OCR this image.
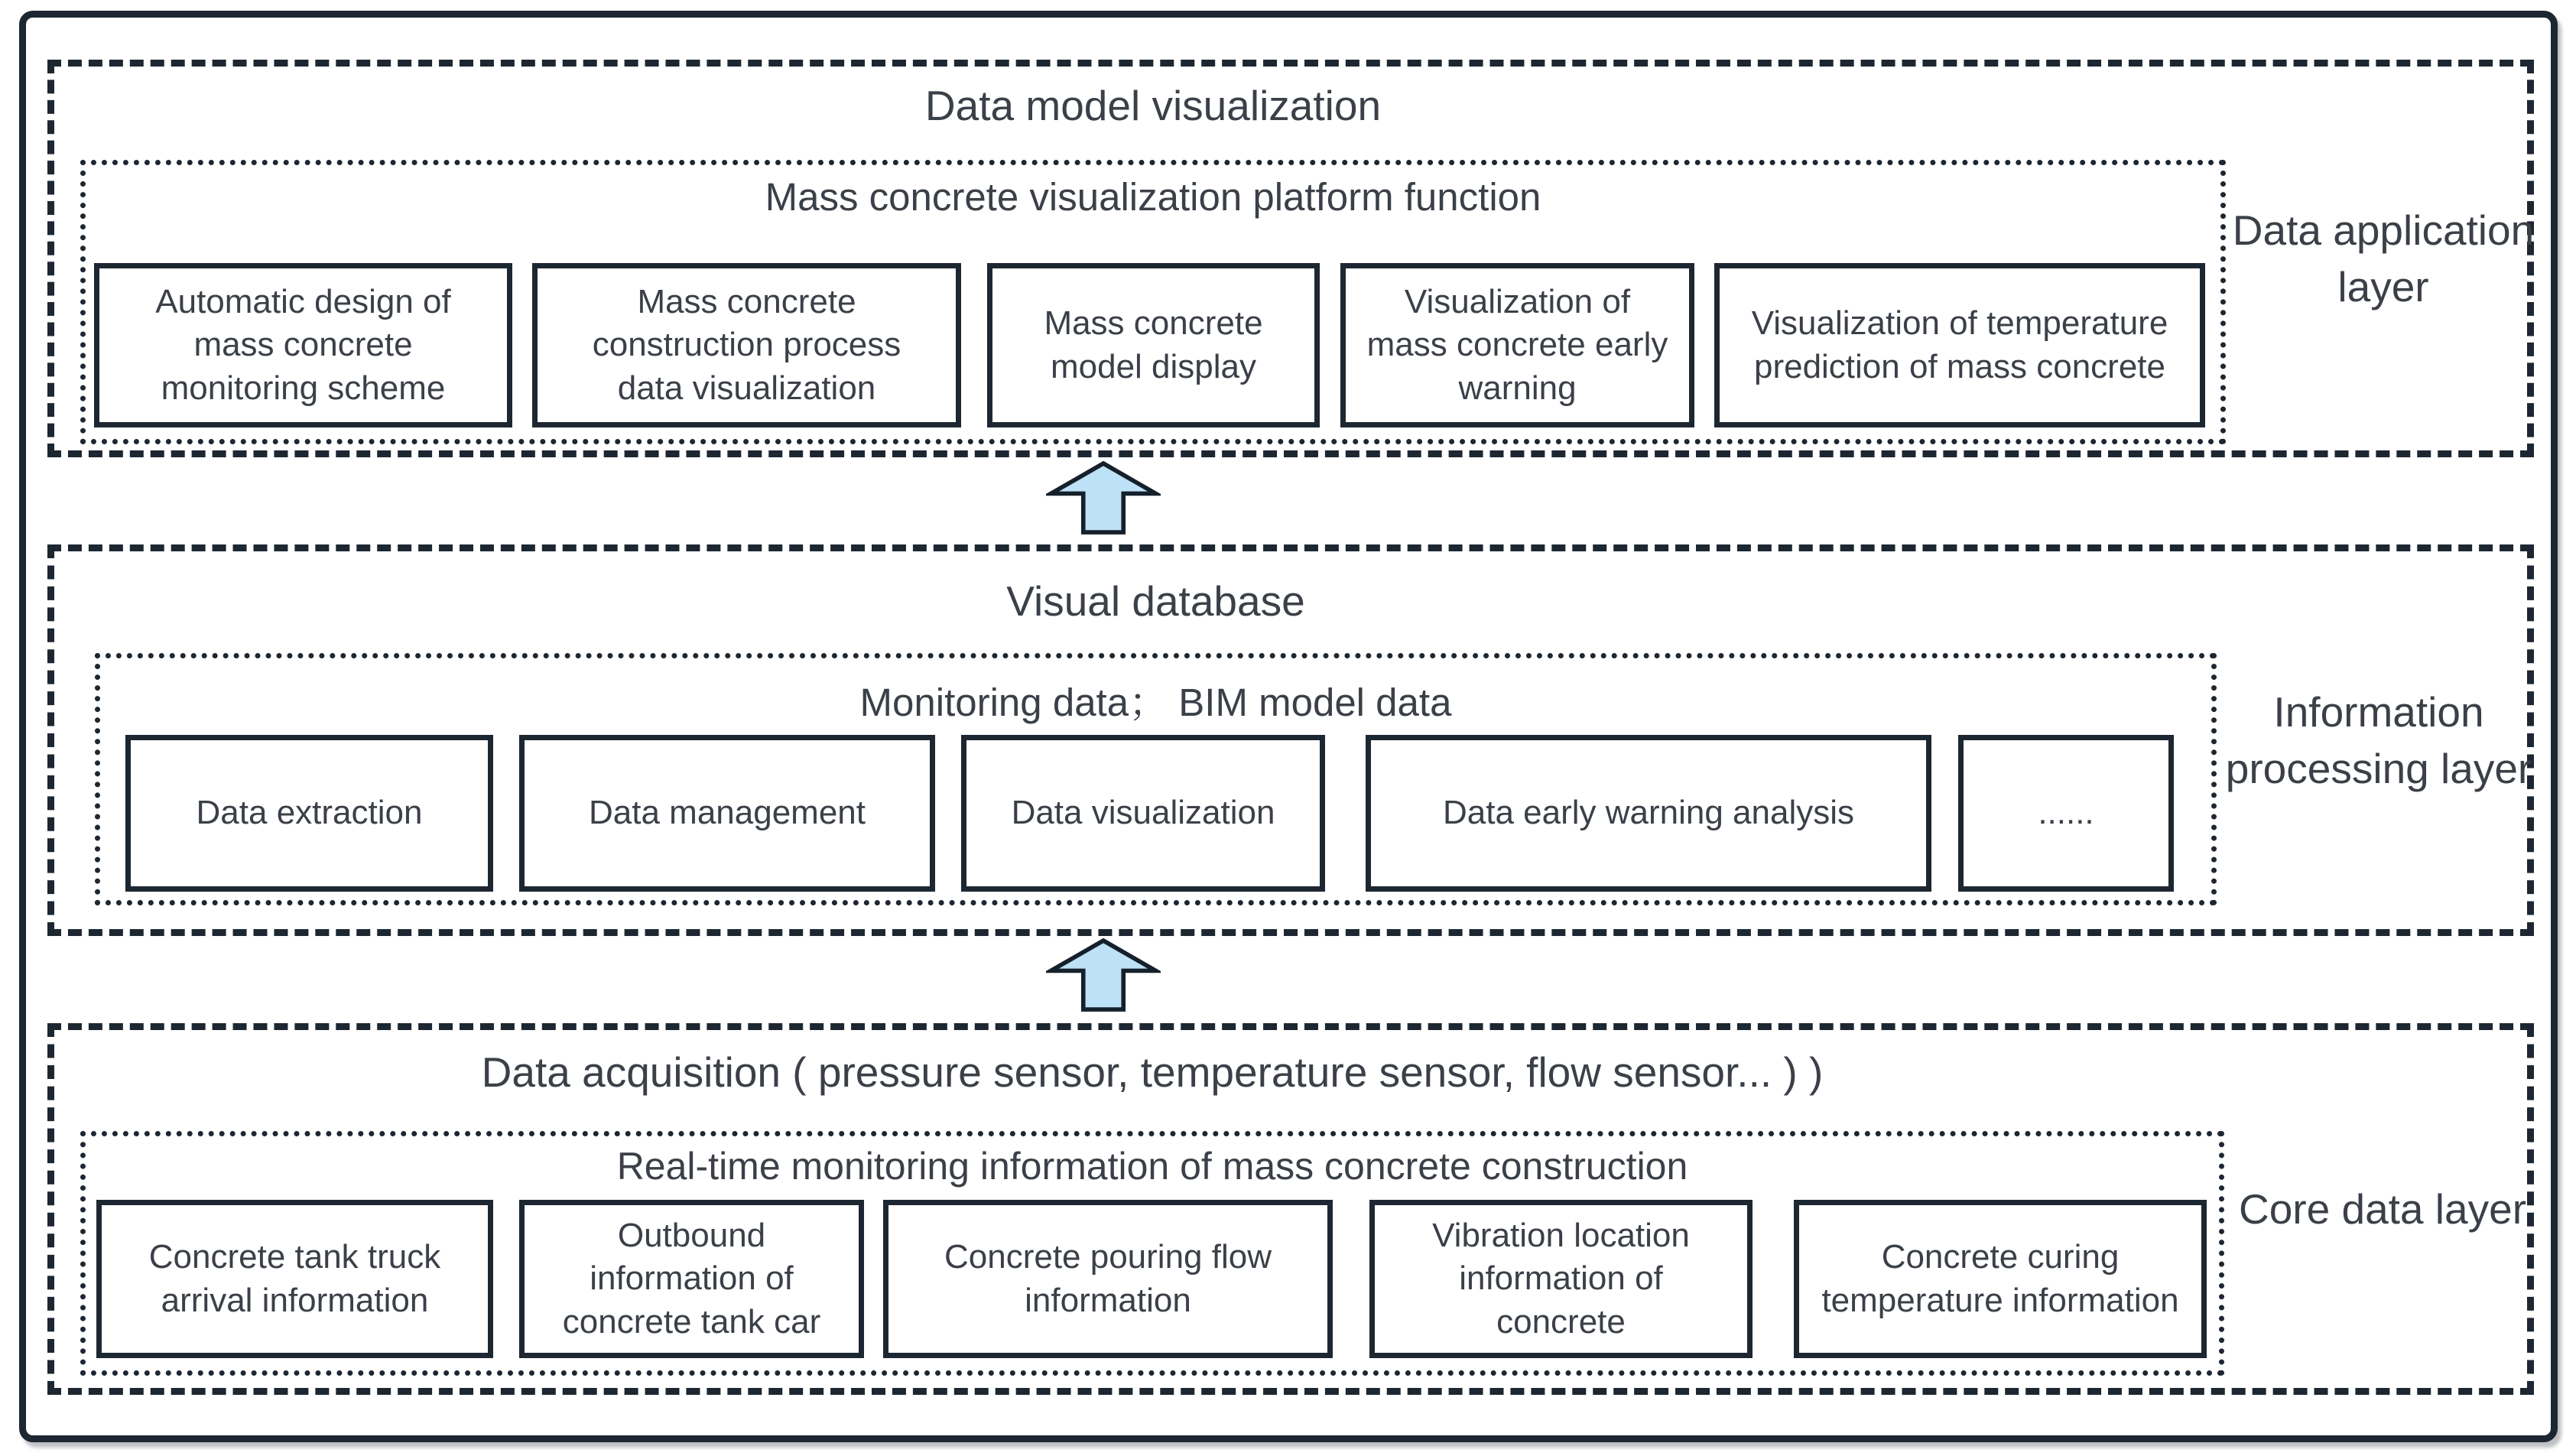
Data model visualization
Mass concrete visualization platform function
Automatic design of mass concrete monitoring scheme
Mass concrete construction process data visualization
Mass concrete model display
Visualization of mass concrete early warning
Visualization of temperature prediction of mass concrete
Data application layer
Visual database
Monitoring data； BIM model data
Data extraction	Data management	Data visualization	Data early warning analysis	......
Information processing layer
Data acquisition ( pressure sensor, temperature sensor, flow sensor... ) )
Real-time monitoring information of mass concrete construction
Concrete tank truck arrival information
Outbound information of concrete tank car
Concrete pouring flow information
Vibration location information of concrete
Concrete curing temperature information
Core data layer
